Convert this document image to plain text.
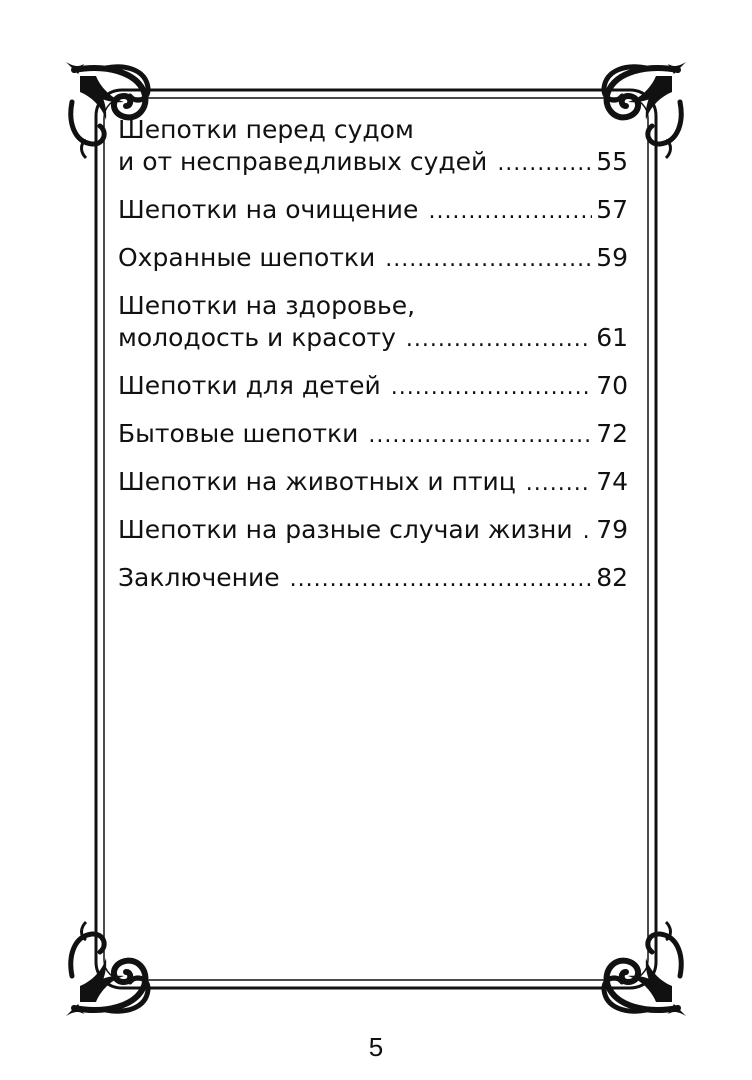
Шепотки перед судом
и от несправедливых судей .....	55
Шепотки на очищение .....	57
Охранные шепотки .....	59
Шепотки на здоровье,
молодость и красоту .....	61
Шепотки для детей .....	70
Бытовые шепотки .....	72
Шепотки на животных и птиц .....	74
Шепотки на разные случаи жизни ..... 79
Заключение .....	82
5
